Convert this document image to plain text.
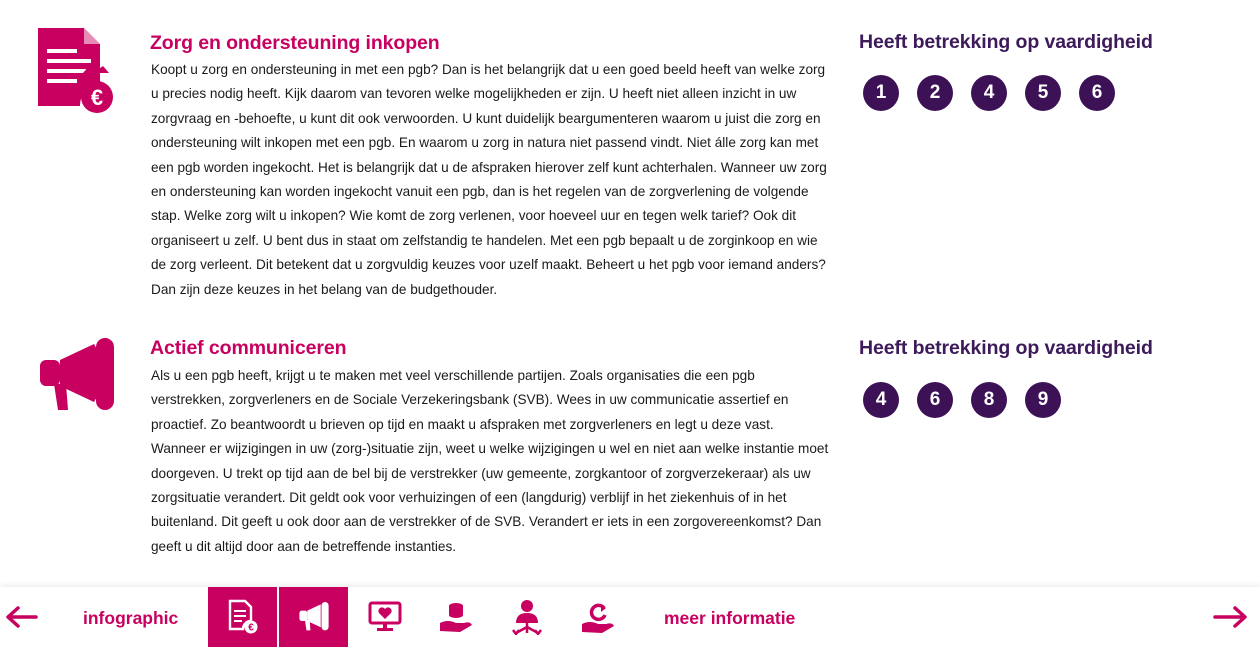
€
Zorg en ondersteuning inkopen

Koopt u zorg en ondersteuning in met een pgb? Dan is het belangrijk dat u een goed beeld heeft van welke zorg u precies nodig heeft. Kijk daarom van tevoren welke mogelijkheden er zijn. U heeft niet alleen inzicht in uw zorgvraag en -behoefte, u kunt dit ook verwoorden. U kunt duidelijk beargumenteren waarom u juist die zorg en ondersteuning wilt inkopen met een pgb. En waarom u zorg in natura niet passend vindt. Niet álle zorg kan met een pgb worden ingekocht. Het is belangrijk dat u de afspraken hierover zelf kunt achterhalen. Wanneer uw zorg en ondersteuning kan worden ingekocht vanuit een pgb, dan is het regelen van de zorgverlening de volgende stap. Welke zorg wilt u inkopen? Wie komt de zorg verlenen, voor hoeveel uur en tegen welk tarief? Ook dit organiseert u zelf. U bent dus in staat om zelfstandig te handelen. Met een pgb bepaalt u de zorginkoop en wie de zorg verleent. Dit betekent dat u zorgvuldig keuzes voor uzelf maakt. Beheert u het pgb voor iemand anders? Dan zijn deze keuzes in het belang van de budgethouder.

Heeft betrekking op vaardigheid
1	2	4	5	6
Actief communiceren

Als u een pgb heeft, krijgt u te maken met veel verschillende partijen. Zoals organisaties die een pgb verstrekken, zorgverleners en de Sociale Verzekeringsbank (SVB). Wees in uw communicatie assertief en proactief. Zo beantwoordt u brieven op tijd en maakt u afspraken met zorgverleners en legt u deze vast. Wanneer er wijzigingen in uw (zorg-)situatie zijn, weet u welke wijzigingen u wel en niet aan welke instantie moet doorgeven. U trekt op tijd aan de bel bij de verstrekker (uw gemeente, zorgkantoor of zorgverzekeraar) als uw zorgsituatie verandert. Dit geldt ook voor verhuizingen of een (langdurig) verblijf in het ziekenhuis of in het buitenland. Dit geeft u ook door aan de verstrekker of de SVB. Verandert er iets in een zorgovereenkomst? Dan geeft u dit altijd door aan de betreffende instanties.

Heeft betrekking op vaardigheid
4	6	8	9
infographic	€	meer informatie
